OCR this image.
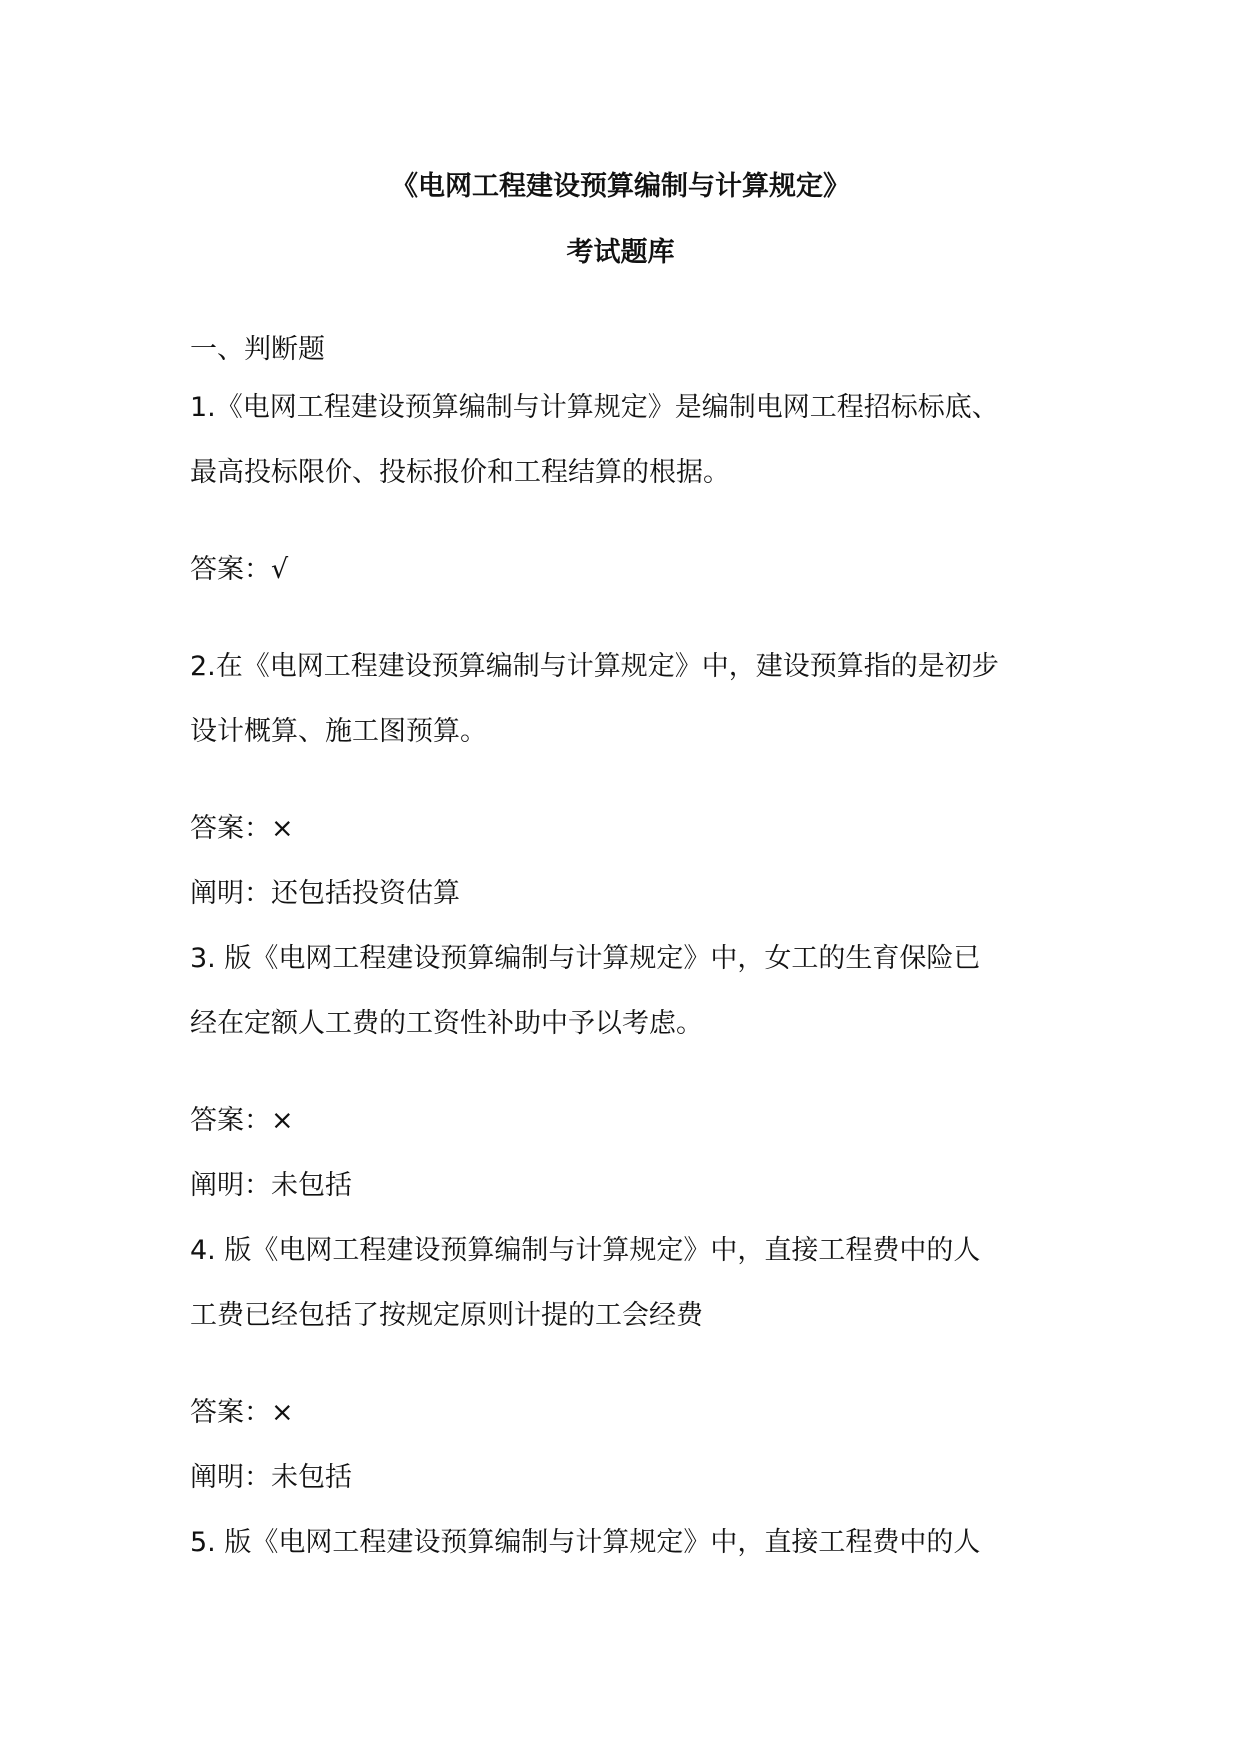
《电网工程建设预算编制与计算规定》
考试题库
一、判断题
1.《电网工程建设预算编制与计算规定》是编制电网工程招标标底、
最高投标限价、投标报价和工程结算的根据。
答案：√
2.在《电网工程建设预算编制与计算规定》中，建设预算指的是初步
设计概算、施工图预算。
答案：×
阐明：还包括投资估算
3. 版《电网工程建设预算编制与计算规定》中，女工的生育保险已
经在定额人工费的工资性补助中予以考虑。
答案：×
阐明：未包括
4. 版《电网工程建设预算编制与计算规定》中，直接工程费中的人
工费已经包括了按规定原则计提的工会经费
答案：×
阐明：未包括
5. 版《电网工程建设预算编制与计算规定》中，直接工程费中的人
